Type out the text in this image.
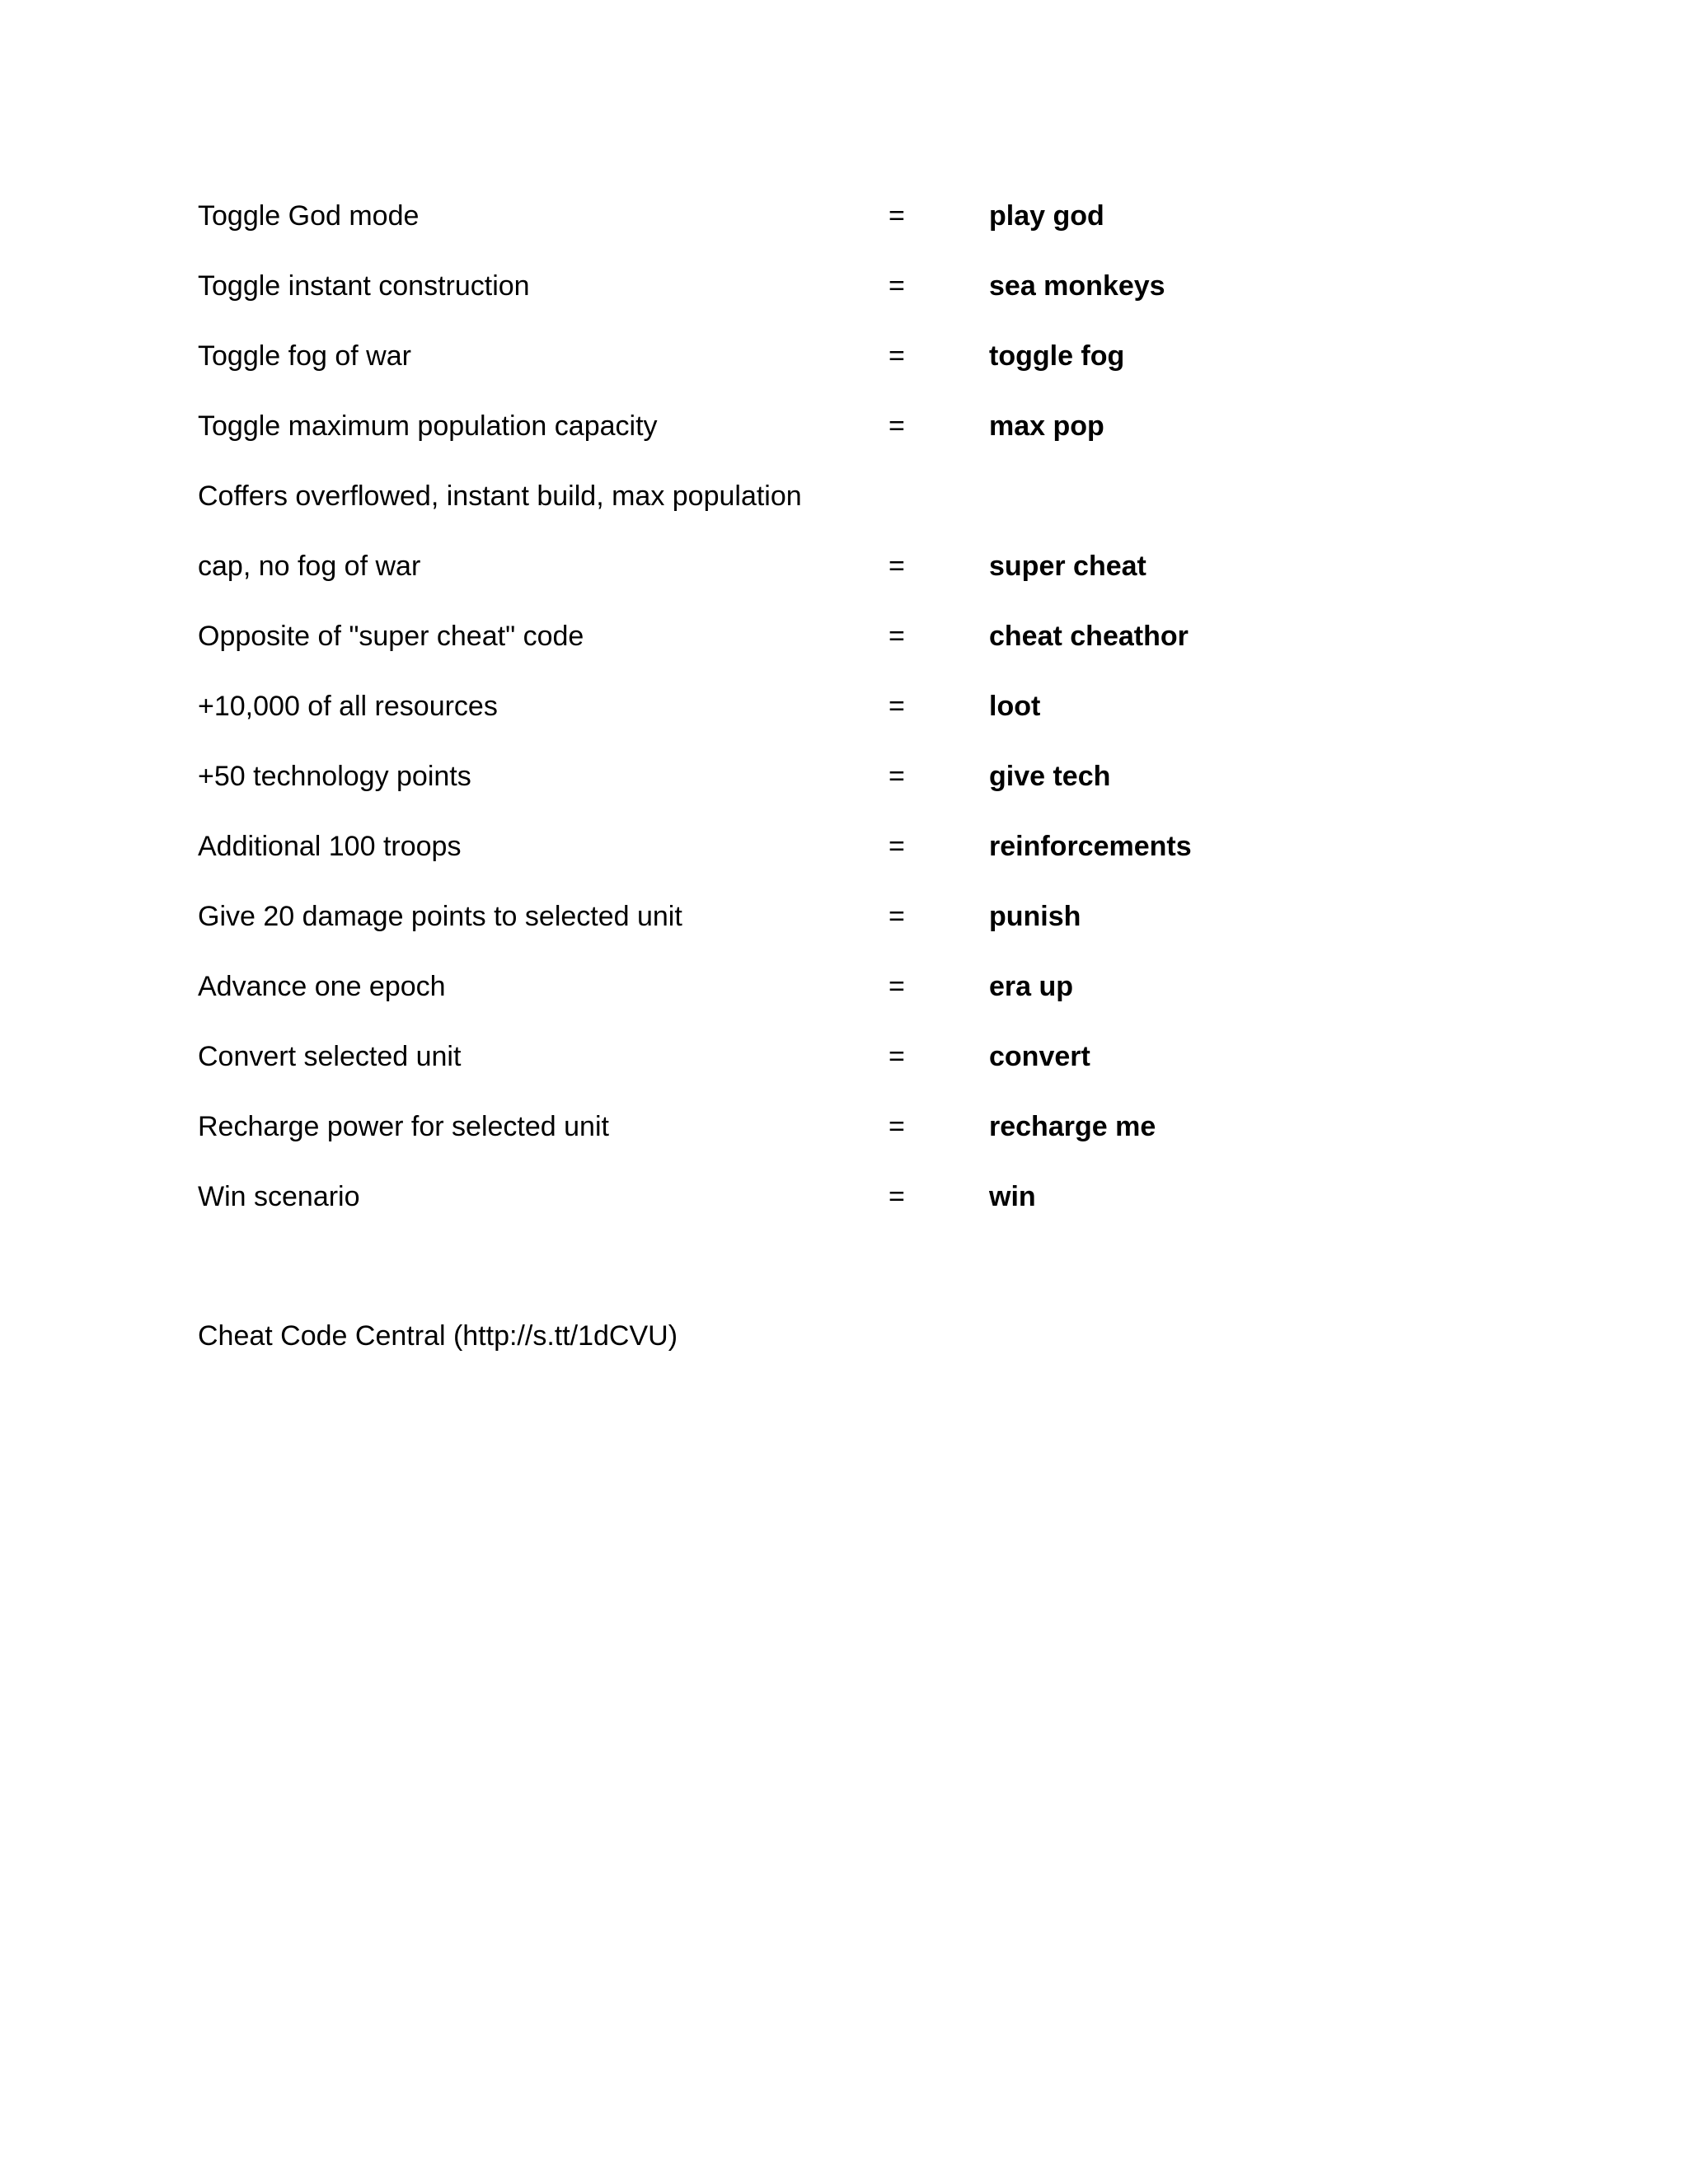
Toggle God mode	=	play god
Toggle instant construction	=	sea monkeys
Toggle fog of war	=	toggle fog
Toggle maximum population capacity	=	max pop
Coffers overflowed, instant build, max population
cap, no fog of war	=	super cheat
Opposite of "super cheat" code	=	cheat cheathor
+10,000 of all resources	=	loot
+50 technology points	=	give tech
Additional 100 troops	=	reinforcements
Give 20 damage points to selected unit	=	punish
Advance one epoch	=	era up
Convert selected unit	=	convert
Recharge power for selected unit	=	recharge me
Win scenario	=	win
Cheat Code Central (http://s.tt/1dCVU)
